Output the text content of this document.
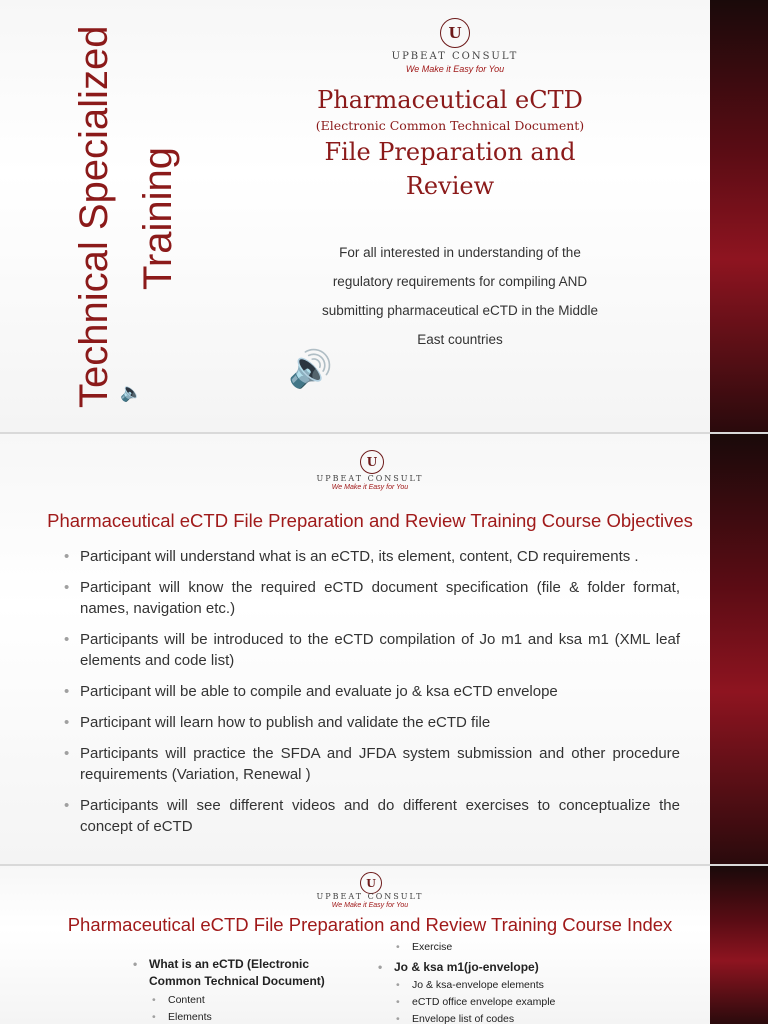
Technical Specialized Training
🔈
U
UPBEAT CONSULT
We Make it Easy for You
Pharmaceutical eCTD
(Electronic Common Technical Document)
File Preparation and
Review
For all interested in understanding of the
regulatory requirements for compiling AND
submitting pharmaceutical eCTD in the Middle
East countries
🔊
U
UPBEAT CONSULT
We Make it Easy for You
Pharmaceutical eCTD File Preparation and Review Training Course Objectives
• Participant will understand what is an eCTD, its element, content, CD requirements .
• Participant will know the required eCTD document specification (file & folder format, names, navigation etc.)
• Participants will be introduced to the eCTD compilation of Jo m1 and ksa m1 (XML leaf elements and code list)
• Participant will be able to compile and evaluate jo & ksa eCTD envelope
• Participant will learn how to publish and validate the eCTD file
• Participants will practice the SFDA and JFDA system submission and other procedure requirements (Variation, Renewal )
• Participants will see different videos and do different exercises to conceptualize the concept of eCTD
U
UPBEAT CONSULT
We Make it Easy for You
Pharmaceutical eCTD File Preparation and Review Training Course Index
• Exercise
• What is an eCTD (Electronic
Common Technical Document)
• Content
• Elements
• Jo & ksa m1(jo-envelope)
• Jo & ksa-envelope elements
• eCTD office envelope example
• Envelope list of codes
